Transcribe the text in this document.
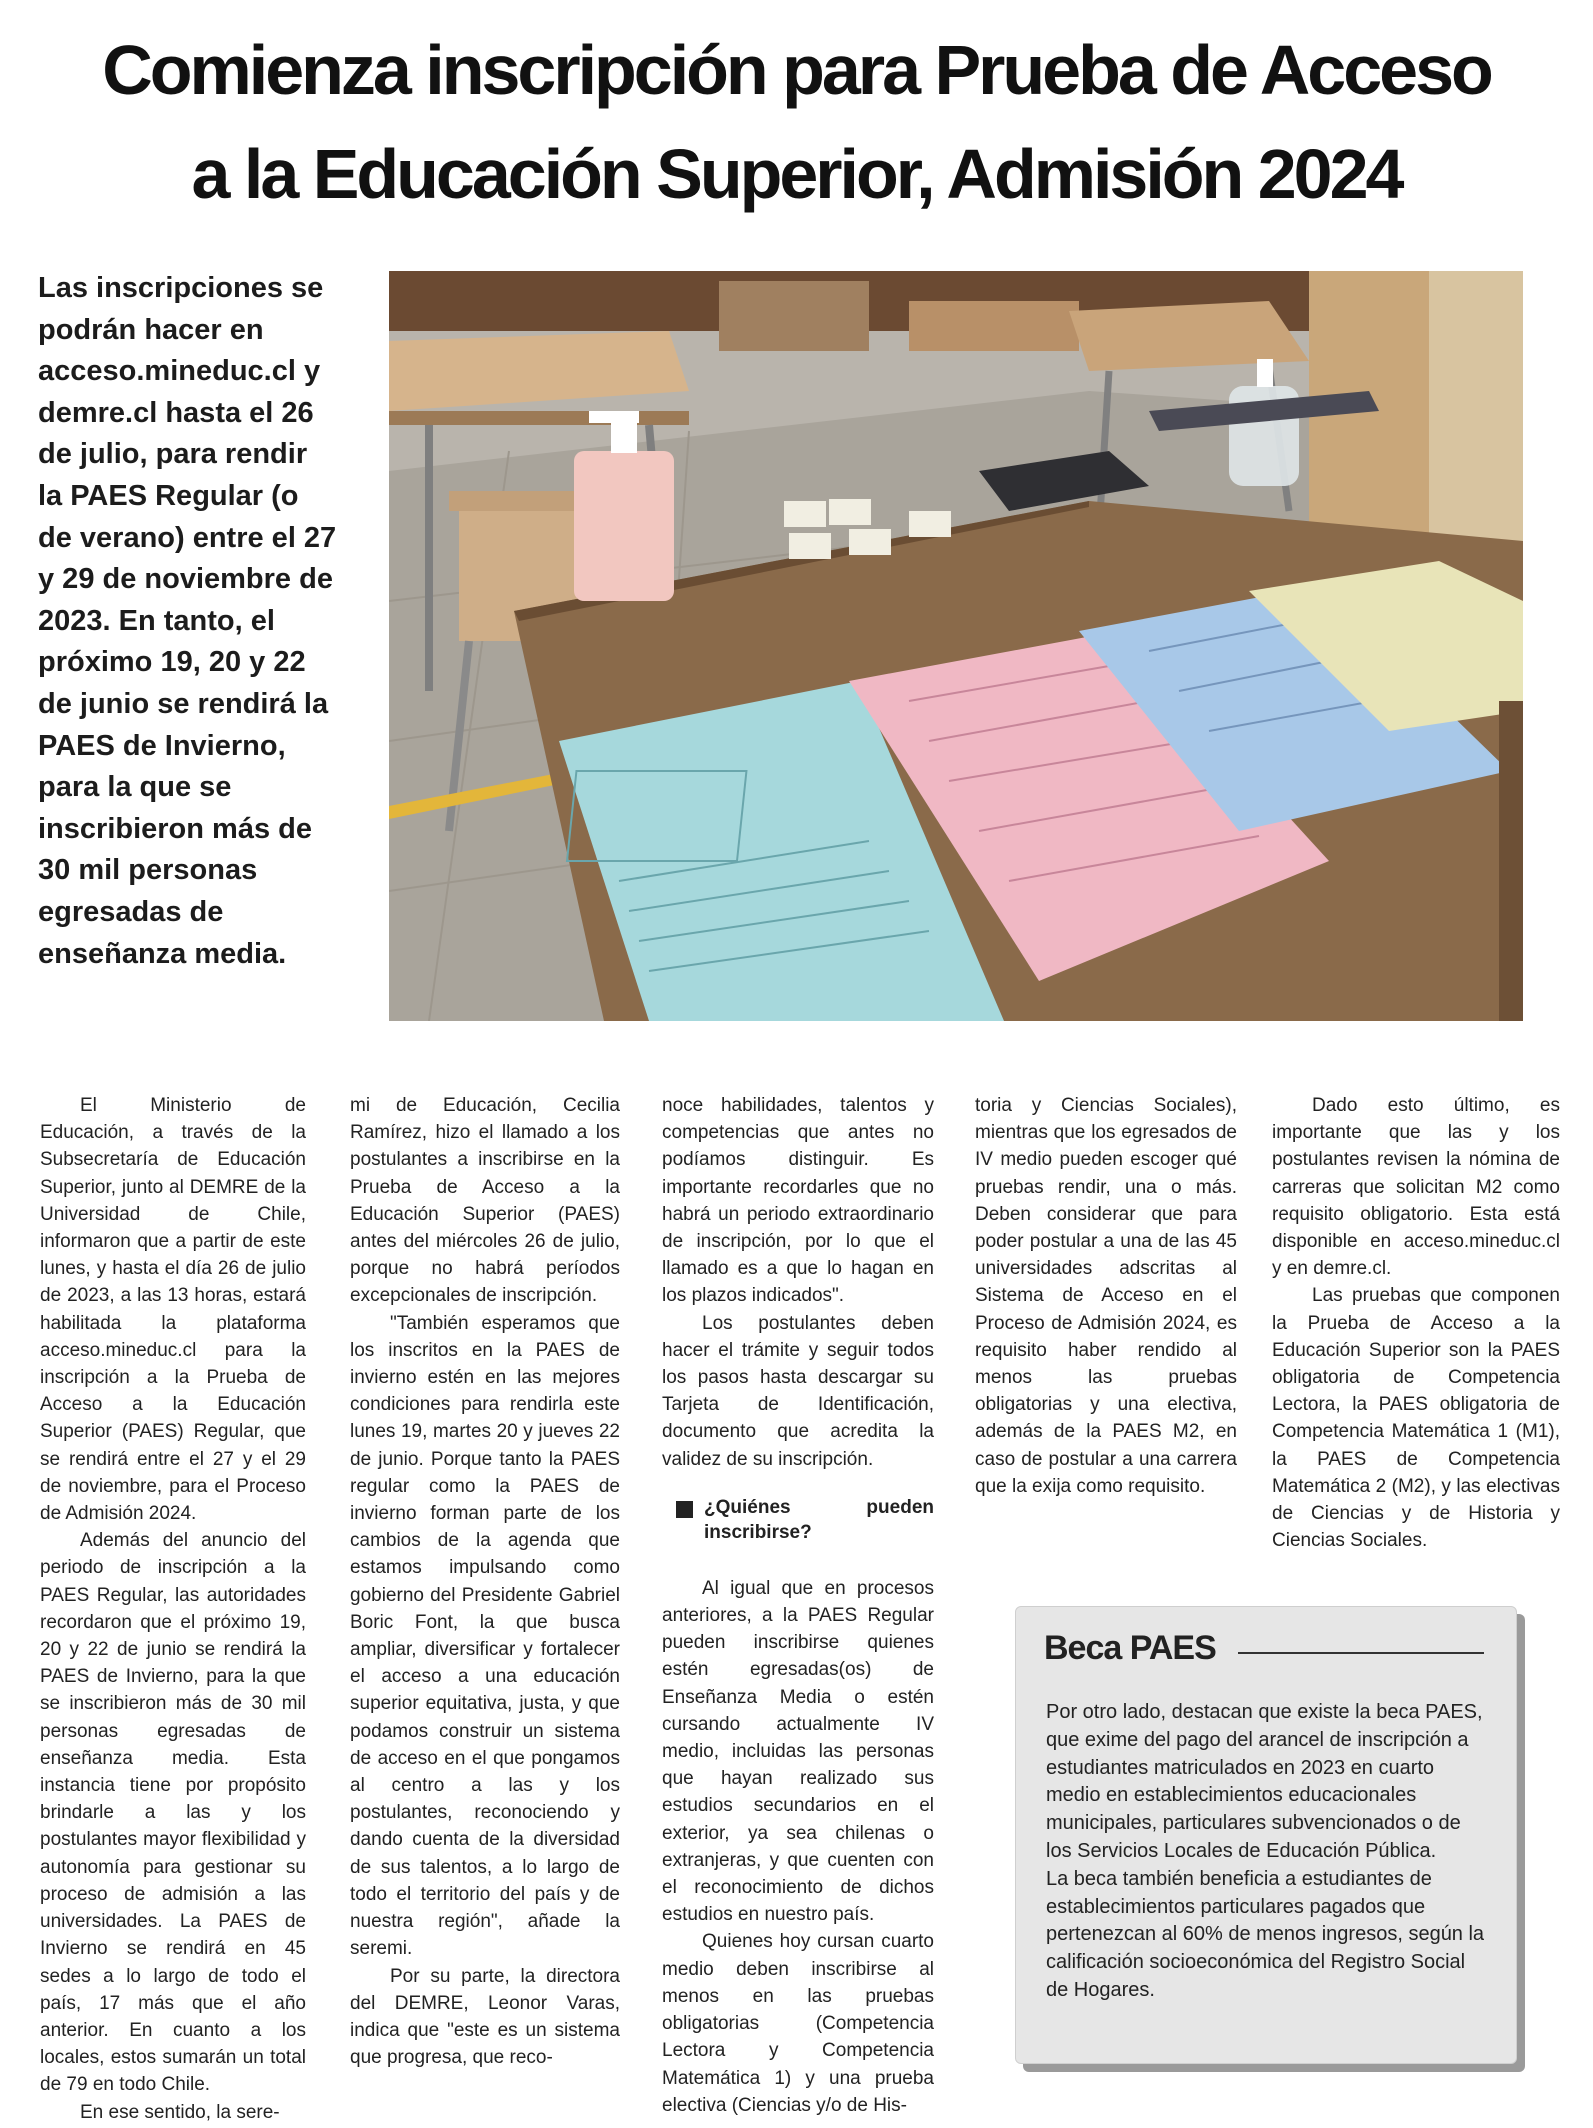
Comienza inscripción para Prueba de Acceso
a la Educación Superior, Admisión 2024
Las inscripciones se podrán hacer en acceso.mineduc.cl y demre.cl hasta el 26 de julio, para rendir la PAES Regular (o de verano) entre el 27 y 29 de noviembre de 2023. En tanto, el próximo 19, 20 y 22 de junio se rendirá la PAES de Invierno, para la que se inscribieron más de 30 mil personas egresadas de enseñanza media.

El Ministerio de Educación, a través de la Subsecretaría de Educación Superior, junto al DEMRE de la Universidad de Chile, informaron que a partir de este lunes, y hasta el día 26 de julio de 2023, a las 13 horas, estará habilitada la plataforma acceso.mineduc.cl para la inscripción a la Prueba de Acceso a la Educación Superior (PAES) Regular, que se rendirá entre el 27 y el 29 de noviembre, para el Proceso de Admisión 2024.

Además del anuncio del periodo de inscripción a la PAES Regular, las autoridades recordaron que el próximo 19, 20 y 22 de junio se rendirá la PAES de Invierno, para la que se inscribieron más de 30 mil personas egresadas de enseñanza media. Esta instancia tiene por propósito brindarle a las y los postulantes mayor flexibilidad y autonomía para gestionar su proceso de admisión a las universidades. La PAES de Invierno se rendirá en 45 sedes a lo largo de todo el país, 17 más que el año anterior. En cuanto a los locales, estos sumarán un total de 79 en todo Chile.

En ese sentido, la sere-

mi de Educación, Cecilia Ramírez, hizo el llamado a los postulantes a inscribirse en la Prueba de Acceso a la Educación Superior (PAES) antes del miércoles 26 de julio, porque no habrá períodos excepcionales de inscripción.

"También esperamos que los inscritos en la PAES de invierno estén en las mejores condiciones para rendirla este lunes 19, martes 20 y jueves 22 de junio. Porque tanto la PAES regular como la PAES de invierno forman parte de los cambios de la agenda que estamos impulsando como gobierno del Presidente Gabriel Boric Font, la que busca ampliar, diversificar y fortalecer el acceso a una educación superior equitativa, justa, y que podamos construir un sistema de acceso en el que pongamos al centro a las y los postulantes, reconociendo y dando cuenta de la diversidad de sus talentos, a lo largo de todo el territorio del país y de nuestra región", añade la seremi.

Por su parte, la directora del DEMRE, Leonor Varas, indica que "este es un sistema que progresa, que reco-

noce habilidades, talentos y competencias que antes no podíamos distinguir. Es importante recordarles que no habrá un periodo extraordinario de inscripción, por lo que el llamado es a que lo hagan en los plazos indicados".

Los postulantes deben hacer el trámite y seguir todos los pasos hasta descargar su Tarjeta de Identificación, documento que acredita la validez de su inscripción.

¿Quiénes pueden inscribirse?

Al igual que en procesos anteriores, a la PAES Regular pueden inscribirse quienes estén egresadas(os) de Enseñanza Media o estén cursando actualmente IV medio, incluidas las personas que hayan realizado sus estudios secundarios en el exterior, ya sea chilenas o extranjeras, y que cuenten con el reconocimiento de dichos estudios en nuestro país.

Quienes hoy cursan cuarto medio deben inscribirse al menos en las pruebas obligatorias (Competencia Lectora y Competencia Matemática 1) y una prueba electiva (Ciencias y/o de His-

toria y Ciencias Sociales), mientras que los egresados de IV medio pueden escoger qué pruebas rendir, una o más. Deben considerar que para poder postular a una de las 45 universidades adscritas al Sistema de Acceso en el Proceso de Admisión 2024, es requisito haber rendido al menos las pruebas obligatorias y una electiva, además de la PAES M2, en caso de postular a una carrera que la exija como requisito.

Dado esto último, es importante que las y los postulantes revisen la nómina de carreras que solicitan M2 como requisito obligatorio. Esta está disponible en acceso.mineduc.cl y en demre.cl.

Las pruebas que componen la Prueba de Acceso a la Educación Superior son la PAES obligatoria de Competencia Lectora, la PAES obligatoria de Competencia Matemática 1 (M1), la PAES de Competencia Matemática 2 (M2), y las electivas de Ciencias y de Historia y Ciencias Sociales.

Beca PAES

Por otro lado, destacan que existe la beca PAES, que exime del pago del arancel de inscripción a estudiantes matriculados en 2023 en cuarto medio en establecimientos educacionales municipales, particulares subvencionados o de los Servicios Locales de Educación Pública.

La beca también beneficia a estudiantes de establecimientos particulares pagados que pertenezcan al 60% de menos ingresos, según la calificación socioeconómica del Registro Social de Hogares.
